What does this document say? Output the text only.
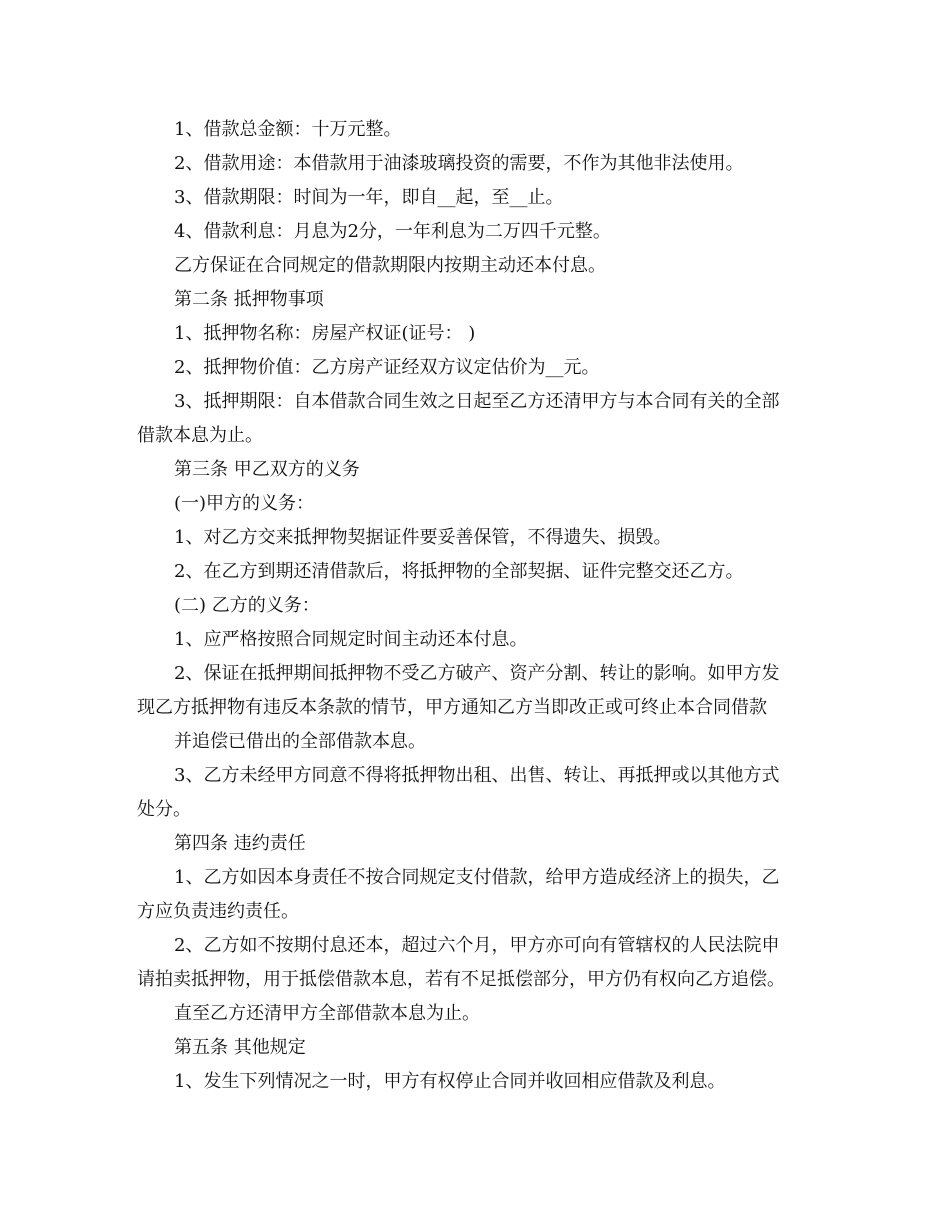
1、借款总金额：十万元整。
2、借款用途：本借款用于油漆玻璃投资的需要，不作为其他非法使用。
3、借款期限：时间为一年，即自__起，至__止。
4、借款利息：月息为2分，一年利息为二万四千元整。
乙方保证在合同规定的借款期限内按期主动还本付息。
第二条 抵押物事项
1、抵押物名称：房屋产权证(证号： )
2、抵押物价值：乙方房产证经双方议定估价为__元。
3、抵押期限：自本借款合同生效之日起至乙方还清甲方与本合同有关的全部
借款本息为止。
第三条 甲乙双方的义务
(一)甲方的义务：
1、对乙方交来抵押物契据证件要妥善保管，不得遗失、损毁。
2、在乙方到期还清借款后，将抵押物的全部契据、证件完整交还乙方。
(二) 乙方的义务：
1、应严格按照合同规定时间主动还本付息。
2、保证在抵押期间抵押物不受乙方破产、资产分割、转让的影响。如甲方发
现乙方抵押物有违反本条款的情节，甲方通知乙方当即改正或可终止本合同借款
并追偿已借出的全部借款本息。
3、乙方未经甲方同意不得将抵押物出租、出售、转让、再抵押或以其他方式
处分。
第四条 违约责任
1、乙方如因本身责任不按合同规定支付借款，给甲方造成经济上的损失，乙
方应负责违约责任。
2、乙方如不按期付息还本，超过六个月，甲方亦可向有管辖权的人民法院申
请拍卖抵押物，用于抵偿借款本息，若有不足抵偿部分，甲方仍有权向乙方追偿。
直至乙方还清甲方全部借款本息为止。
第五条 其他规定
1、发生下列情况之一时，甲方有权停止合同并收回相应借款及利息。
